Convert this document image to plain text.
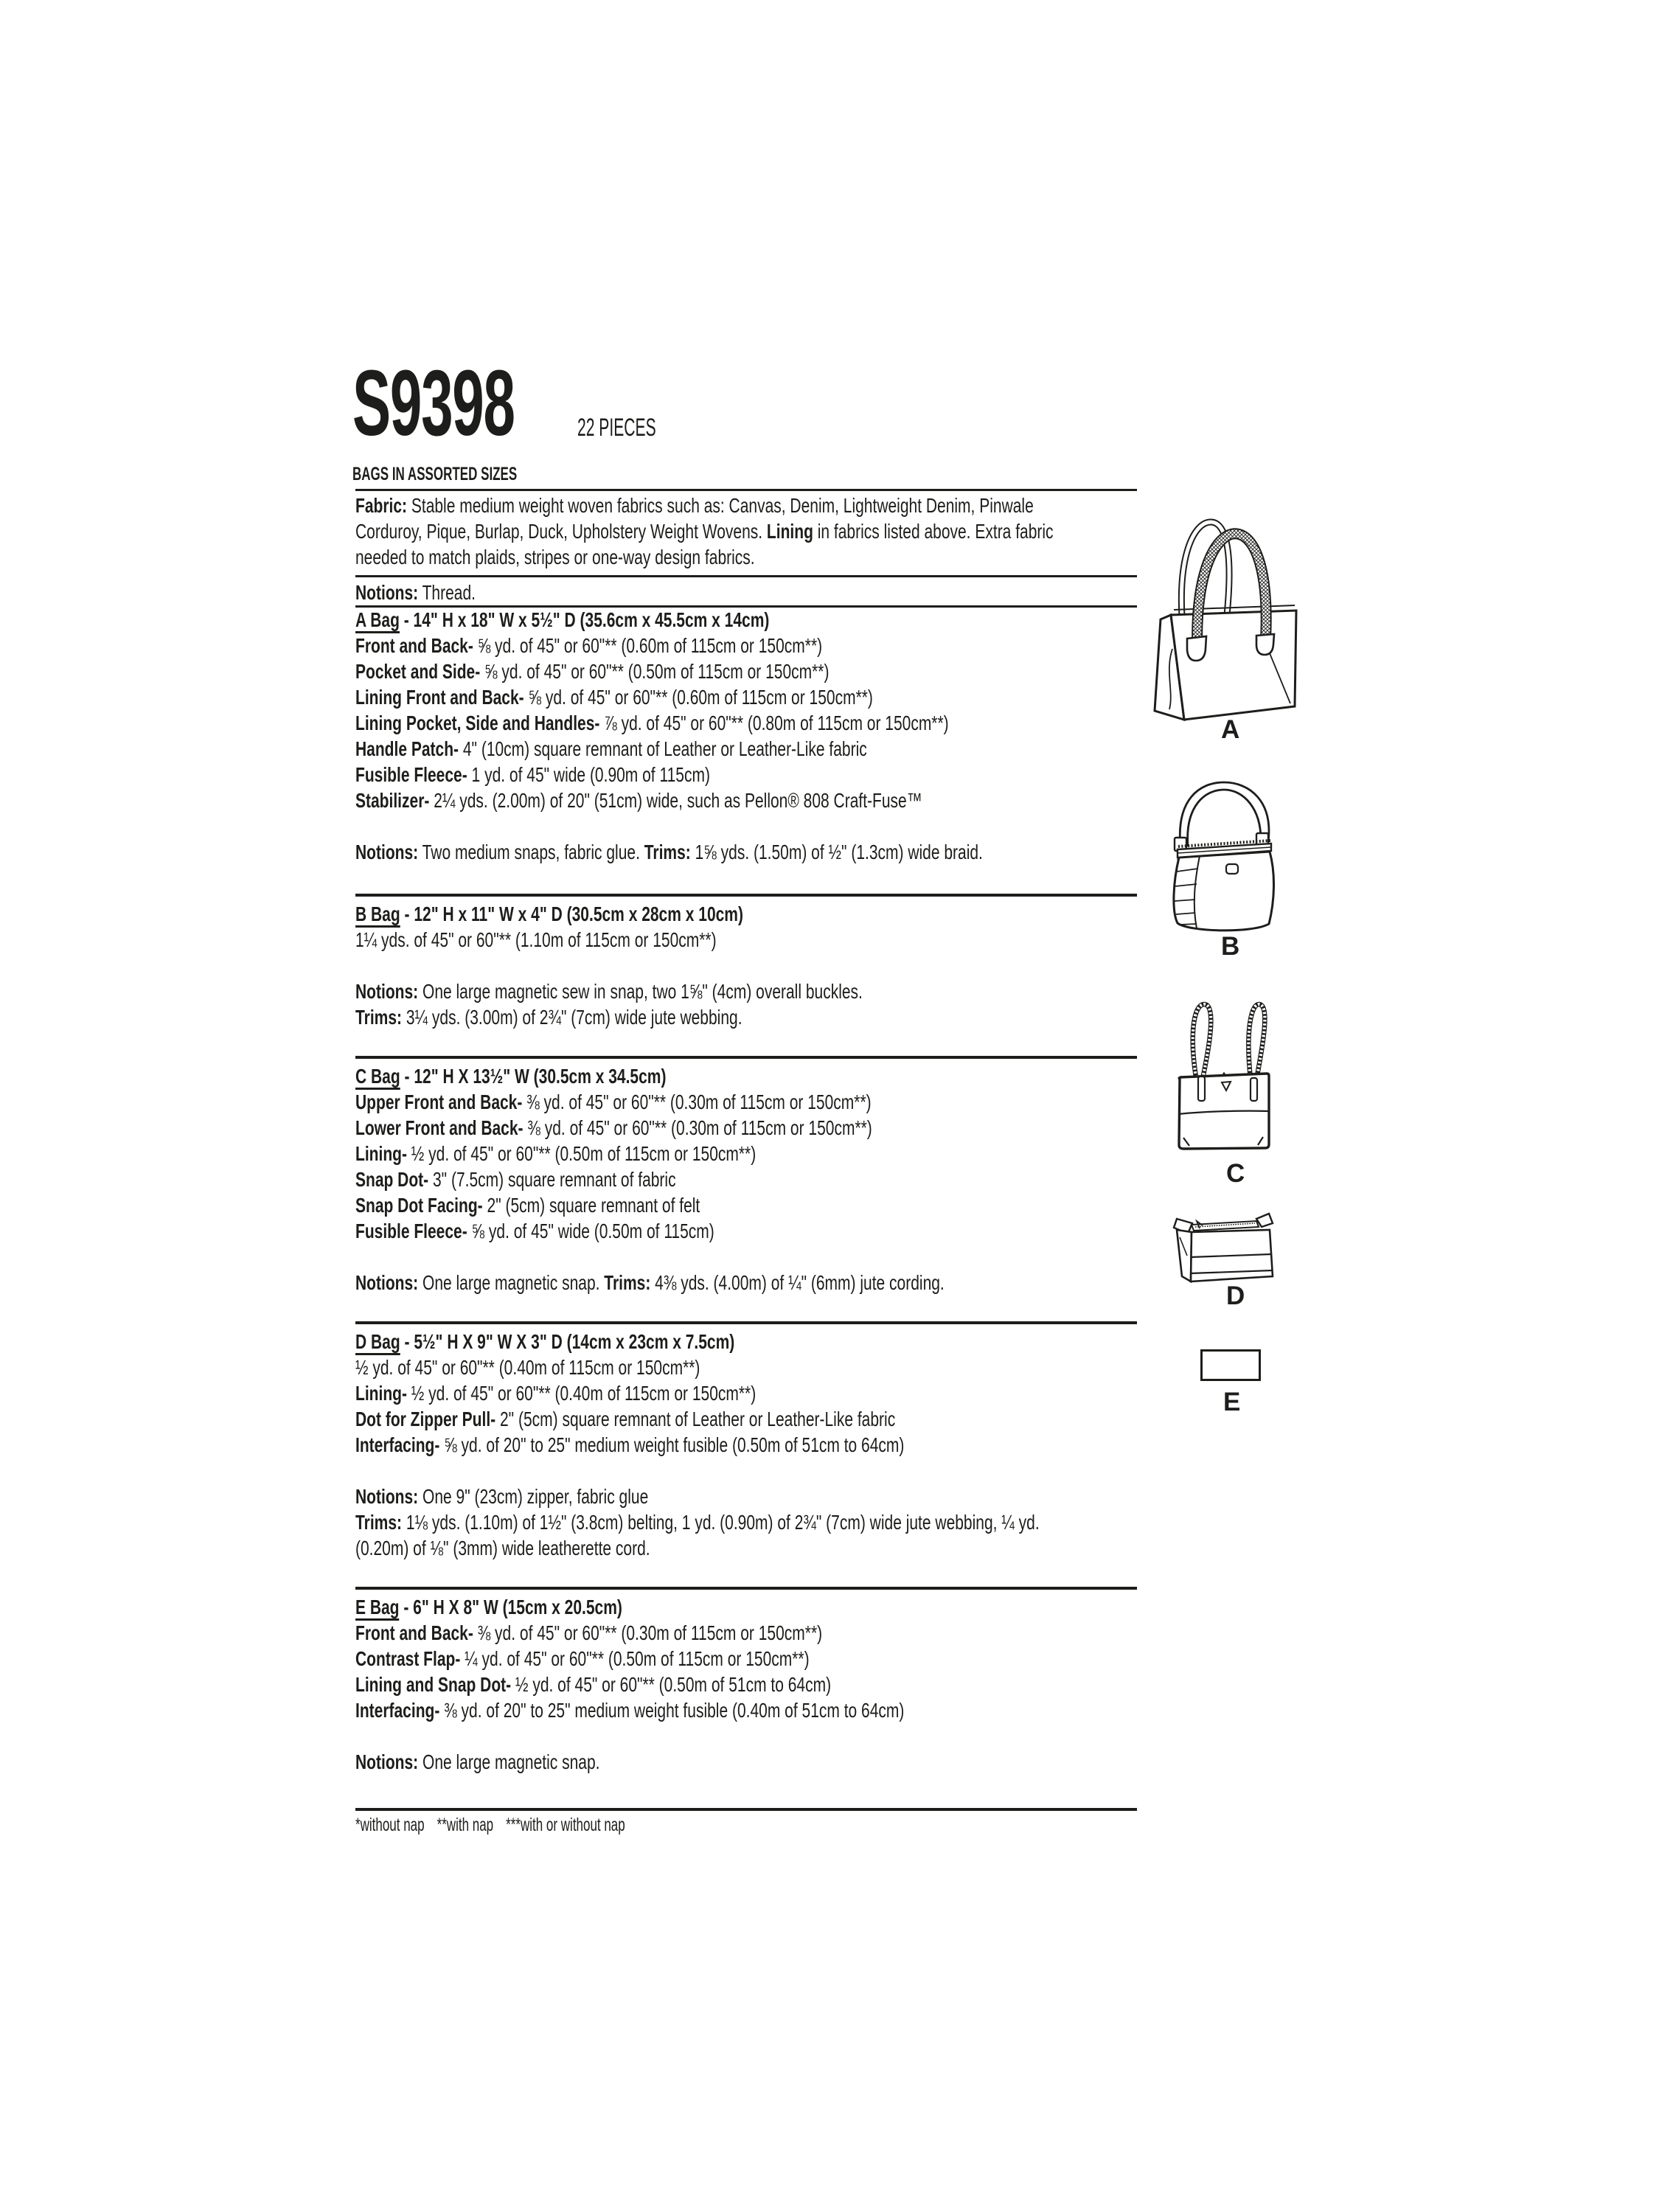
S9398	22 PIECES
BAGS IN ASSORTED SIZES
Fabric: Stable medium weight woven fabrics such as: Canvas, Denim, Lightweight Denim, Pinwale
Corduroy, Pique, Burlap, Duck, Upholstery Weight Wovens. Lining in fabrics listed above. Extra fabric
needed to match plaids, stripes or one-way design fabrics.
Notions: Thread.
A Bag - 14" H x 18" W x 5½" D (35.6cm x 45.5cm x 14cm)
Front and Back- ⅝ yd. of 45" or 60"** (0.60m of 115cm or 150cm**)
Pocket and Side- ⅝ yd. of 45" or 60"** (0.50m of 115cm or 150cm**)
Lining Front and Back- ⅝ yd. of 45" or 60"** (0.60m of 115cm or 150cm**)
Lining Pocket, Side and Handles- ⅞ yd. of 45" or 60"** (0.80m of 115cm or 150cm**)
Handle Patch- 4" (10cm) square remnant of Leather or Leather-Like fabric
Fusible Fleece- 1 yd. of 45" wide (0.90m of 115cm)
Stabilizer- 2¼ yds. (2.00m) of 20" (51cm) wide, such as Pellon® 808 Craft-Fuse™
Notions: Two medium snaps, fabric glue. Trims: 1⅝ yds. (1.50m) of ½" (1.3cm) wide braid.
B Bag - 12" H x 11" W x 4" D (30.5cm x 28cm x 10cm)
1¼ yds. of 45" or 60"** (1.10m of 115cm or 150cm**)
Notions: One large magnetic sew in snap, two 1⅝" (4cm) overall buckles.
Trims: 3¼ yds. (3.00m) of 2¾" (7cm) wide jute webbing.
C Bag - 12" H X 13½" W (30.5cm x 34.5cm)
Upper Front and Back- ⅜ yd. of 45" or 60"** (0.30m of 115cm or 150cm**)
Lower Front and Back- ⅜ yd. of 45" or 60"** (0.30m of 115cm or 150cm**)
Lining- ½ yd. of 45" or 60"** (0.50m of 115cm or 150cm**)
Snap Dot- 3" (7.5cm) square remnant of fabric
Snap Dot Facing- 2" (5cm) square remnant of felt
Fusible Fleece- ⅝ yd. of 45" wide (0.50m of 115cm)
Notions: One large magnetic snap. Trims: 4⅜ yds. (4.00m) of ¼" (6mm) jute cording.
D Bag - 5½" H X 9" W X 3" D (14cm x 23cm x 7.5cm)
½ yd. of 45" or 60"** (0.40m of 115cm or 150cm**)
Lining- ½ yd. of 45" or 60"** (0.40m of 115cm or 150cm**)
Dot for Zipper Pull- 2" (5cm) square remnant of Leather or Leather-Like fabric
Interfacing- ⅝ yd. of 20" to 25" medium weight fusible (0.50m of 51cm to 64cm)
Notions: One 9" (23cm) zipper, fabric glue
Trims: 1⅛ yds. (1.10m) of 1½" (3.8cm) belting, 1 yd. (0.90m) of 2¾" (7cm) wide jute webbing, ¼ yd.
(0.20m) of ⅛" (3mm) wide leatherette cord.
E Bag - 6" H X 8" W (15cm x 20.5cm)
Front and Back- ⅜ yd. of 45" or 60"** (0.30m of 115cm or 150cm**)
Contrast Flap- ¼ yd. of 45" or 60"** (0.50m of 115cm or 150cm**)
Lining and Snap Dot- ½ yd. of 45" or 60"** (0.50m of 51cm to 64cm)
Interfacing- ⅜ yd. of 20" to 25" medium weight fusible (0.40m of 51cm to 64cm)
Notions: One large magnetic snap.
*without nap **with nap ***with or without nap
A
B
C
D
E
